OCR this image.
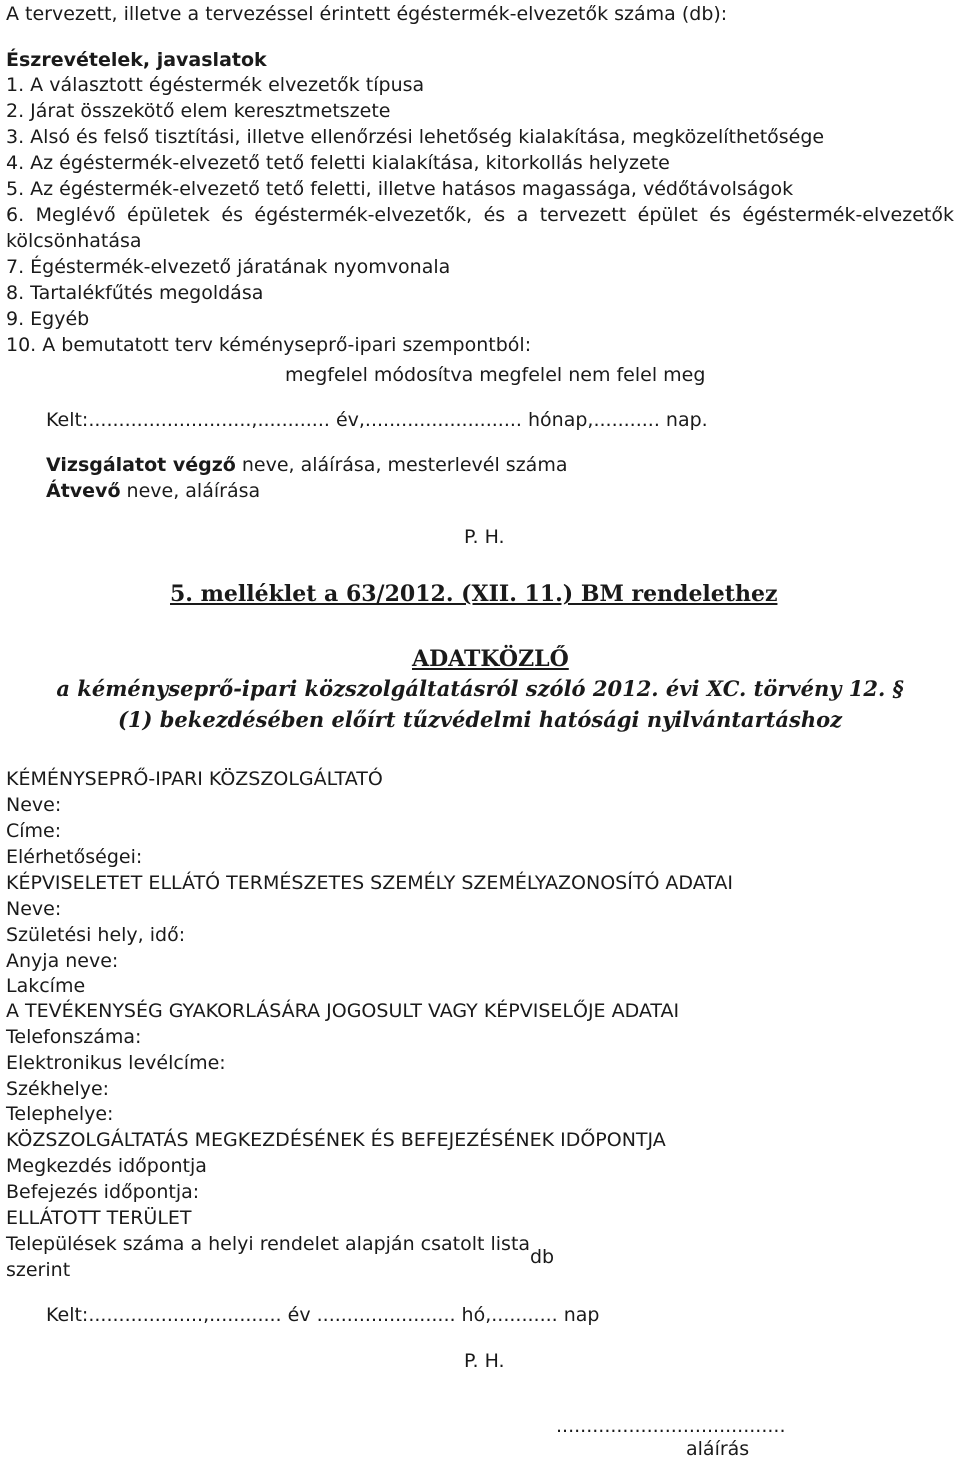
A tervezett, illetve a tervezéssel érintett égéstermék-elvezetők száma (db):
Észrevételek, javaslatok
1. A választott égéstermék elvezetők típusa
2. Járat összekötő elem keresztmetszete
3. Alsó és felső tisztítási, illetve ellenőrzési lehetőség kialakítása, megközelíthetősége
4. Az égéstermék-elvezető tető feletti kialakítása, kitorkollás helyzete
5. Az égéstermék-elvezető tető feletti, illetve hatásos magassága, védőtávolságok
6. Meglévő épületek és égéstermék-elvezetők, és a tervezett épület és égéstermék-elvezetők
kölcsönhatása
7. Égéstermék-elvezető járatának nyomvonala
8. Tartalékfűtés megoldása
9. Egyéb
10. A bemutatott terv kéményseprő-ipari szempontból:
megfelel módosítva megfelel nem felel meg
Kelt:...........................,............ év,.......................... hónap,........... nap.
Vizsgálatot végző neve, aláírása, mesterlevél száma
Átvevő neve, aláírása
P. H.
5. melléklet a 63/2012. (XII. 11.) BM rendelethez
ADATKÖZLŐ
a kéményseprő-ipari közszolgáltatásról szóló 2012. évi XC. törvény 12. §
(1) bekezdésében előírt tűzvédelmi hatósági nyilvántartáshoz
KÉMÉNYSEPRŐ-IPARI KÖZSZOLGÁLTATÓ
Neve:
Címe:
Elérhetőségei:
KÉPVISELETET ELLÁTÓ TERMÉSZETES SZEMÉLY SZEMÉLYAZONOSÍTÓ ADATAI
Neve:
Születési hely, idő:
Anyja neve:
Lakcíme
A TEVÉKENYSÉG GYAKORLÁSÁRA JOGOSULT VAGY KÉPVISELŐJE ADATAI
Telefonszáma:
Elektronikus levélcíme:
Székhelye:
Telephelye:
KÖZSZOLGÁLTATÁS MEGKEZDÉSÉNEK ÉS BEFEJEZÉSÉNEK IDŐPONTJA
Megkezdés időpontja
Befejezés időpontja:
ELLÁTOTT TERÜLET
Települések száma a helyi rendelet alapján csatolt lista
szerint
db
Kelt:...................,............ év ....................... hó,........... nap
P. H.
......................................
aláírás
